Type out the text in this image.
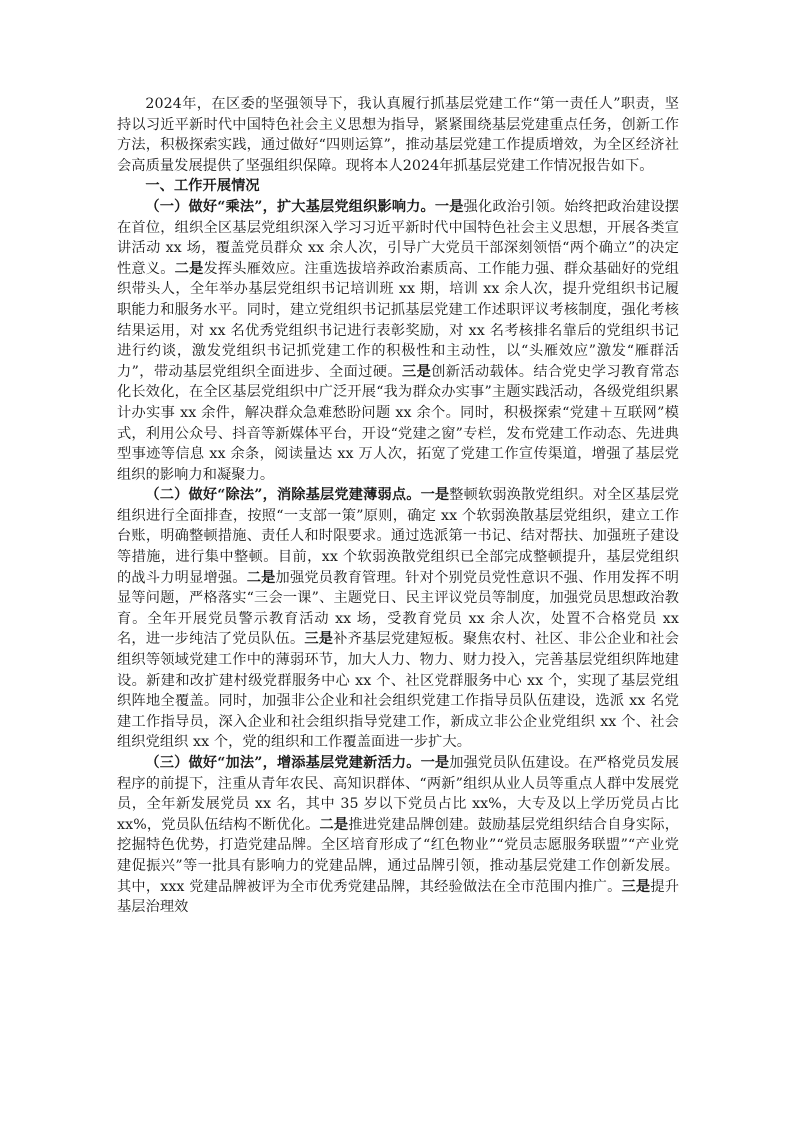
2024年，在区委的坚强领导下，我认真履行抓基层党建工作“第一责任人”职责，坚持以习近平新时代中国特色社会主义思想为指导，紧紧围绕基层党建重点任务，创新工作方法，积极探索实践，通过做好“四则运算”，推动基层党建工作提质增效，为全区经济社会高质量发展提供了坚强组织保障。现将本人2024年抓基层党建工作情况报告如下。

一、工作开展情况

（一）做好“乘法”，扩大基层党组织影响力。一是强化政治引领。始终把政治建设摆在首位，组织全区基层党组织深入学习习近平新时代中国特色社会主义思想，开展各类宣讲活动 xx 场，覆盖党员群众 xx 余人次，引导广大党员干部深刻领悟“两个确立”的决定性意义。二是发挥头雁效应。注重选拔培养政治素质高、工作能力强、群众基础好的党组织带头人，全年举办基层党组织书记培训班 xx 期，培训 xx 余人次，提升党组织书记履职能力和服务水平。同时，建立党组织书记抓基层党建工作述职评议考核制度，强化考核结果运用，对 xx 名优秀党组织书记进行表彰奖励，对 xx 名考核排名靠后的党组织书记进行约谈，激发党组织书记抓党建工作的积极性和主动性，以“头雁效应”激发“雁群活力”，带动基层党组织全面进步、全面过硬。三是创新活动载体。结合党史学习教育常态化长效化，在全区基层党组织中广泛开展“我为群众办实事”主题实践活动，各级党组织累计办实事 xx 余件，解决群众急难愁盼问题 xx 余个。同时，积极探索“党建＋互联网”模式，利用公众号、抖音等新媒体平台，开设“党建之窗”专栏，发布党建工作动态、先进典型事迹等信息 xx 余条，阅读量达 xx 万人次，拓宽了党建工作宣传渠道，增强了基层党组织的影响力和凝聚力。

（二）做好“除法”，消除基层党建薄弱点。一是整顿软弱涣散党组织。对全区基层党组织进行全面排查，按照“一支部一策”原则，确定 xx 个软弱涣散基层党组织，建立工作台账，明确整顿措施、责任人和时限要求。通过选派第一书记、结对帮扶、加强班子建设等措施，进行集中整顿。目前，xx 个软弱涣散党组织已全部完成整顿提升，基层党组织的战斗力明显增强。二是加强党员教育管理。针对个别党员党性意识不强、作用发挥不明显等问题，严格落实“三会一课”、主题党日、民主评议党员等制度，加强党员思想政治教育。全年开展党员警示教育活动 xx 场，受教育党员 xx 余人次，处置不合格党员 xx 名，进一步纯洁了党员队伍。三是补齐基层党建短板。聚焦农村、社区、非公企业和社会组织等领域党建工作中的薄弱环节，加大人力、物力、财力投入，完善基层党组织阵地建设。新建和改扩建村级党群服务中心 xx 个、社区党群服务中心 xx 个，实现了基层党组织阵地全覆盖。同时，加强非公企业和社会组织党建工作指导员队伍建设，选派 xx 名党建工作指导员，深入企业和社会组织指导党建工作，新成立非公企业党组织 xx 个、社会组织党组织 xx 个，党的组织和工作覆盖面进一步扩大。

（三）做好“加法”，增添基层党建新活力。一是加强党员队伍建设。在严格党员发展程序的前提下，注重从青年农民、高知识群体、“两新”组织从业人员等重点人群中发展党员，全年新发展党员 xx 名，其中 35 岁以下党员占比 xx%，大专及以上学历党员占比 xx%，党员队伍结构不断优化。二是推进党建品牌创建。鼓励基层党组织结合自身实际，挖掘特色优势，打造党建品牌。全区培育形成了“红色物业”“党员志愿服务联盟”“产业党建促振兴”等一批具有影响力的党建品牌，通过品牌引领，推动基层党建工作创新发展。其中，xxx 党建品牌被评为全市优秀党建品牌，其经验做法在全市范围内推广。三是提升基层治理效
